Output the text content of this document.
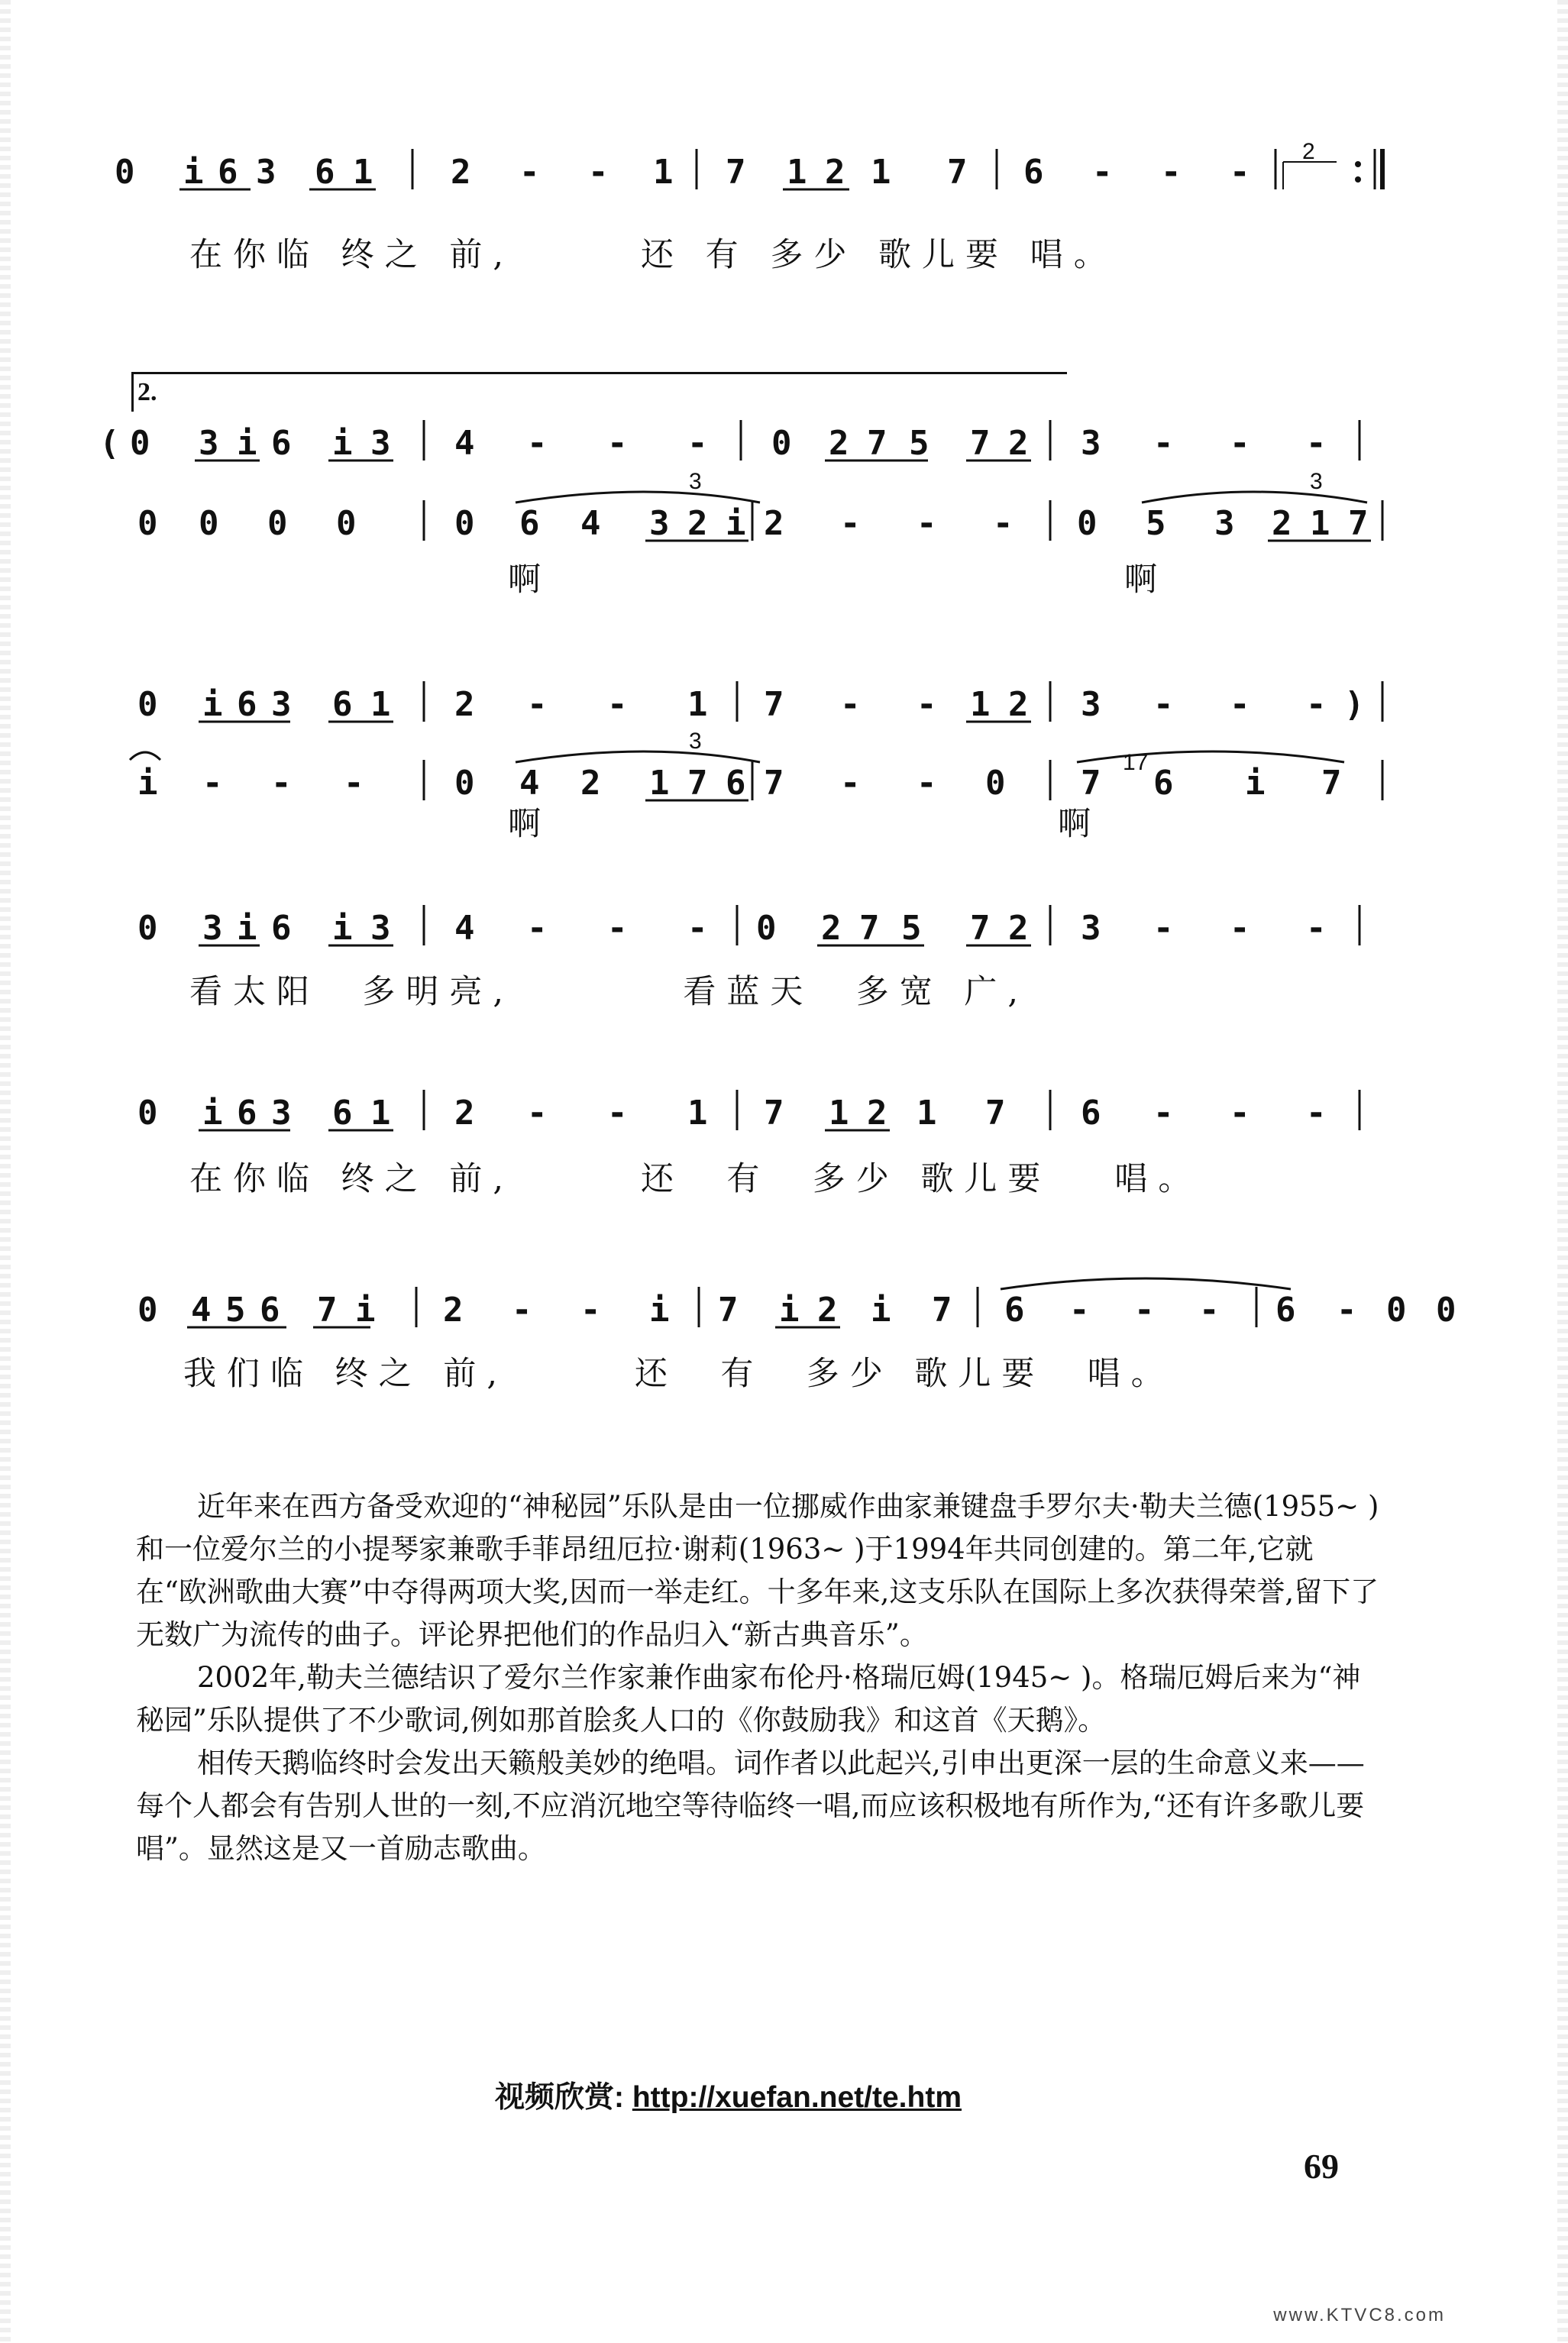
0 i 6 3 6 1 2 - - 1 7 1 2 1 7 6 - - -
2
在你临 终之 前,      还 有 多少 歌儿要 唱。
2.
( 0 3 i 6 i 3 4 - - - 0 2 7 5 7 2 3 - - -
0 0 0 0	0 6 4 3 2 i 2 - - - 0 5 3 2 1 7
3	3
啊	啊
0 i 6 3 6 1 2 - - 1 7 - - 1 2 3 - - - )
i - - -	0 4 2 1 7 6 7 - - 0 7 6 i 7
3
17
啊	啊
0 3 i 6 i 3 4 - - - 0 2 7 5 7 2 3 - - -
看太阳  多明亮,        看蓝天  多宽 广,
0 i 6 3 6 1 2 - - 1 7 1 2 1 7 6 - - -
在你临 终之 前,      还  有  多少 歌儿要   唱。
0 4 5 6 7 i 2 - - i 7 i 2 i 7 6 - - - 6 - 0 0
我们临 终之 前,      还  有  多少 歌儿要  唱。

近年来在西方备受欢迎的“神秘园”乐队是由一位挪威作曲家兼键盘手罗尔夫·勒夫兰德(1955~ )和一位爱尔兰的小提琴家兼歌手菲昂纽厄拉·谢莉(1963~ )于1994年共同创建的。第二年,它就在“欧洲歌曲大赛”中夺得两项大奖,因而一举走红。十多年来,这支乐队在国际上多次获得荣誉,留下了无数广为流传的曲子。评论界把他们的作品归入“新古典音乐”。

2002年,勒夫兰德结识了爱尔兰作家兼作曲家布伦丹·格瑞厄姆(1945~ )。格瑞厄姆后来为“神秘园”乐队提供了不少歌词,例如那首脍炙人口的《你鼓励我》和这首《天鹅》。

相传天鹅临终时会发出天籁般美妙的绝唱。词作者以此起兴,引申出更深一层的生命意义来——每个人都会有告别人世的一刻,不应消沉地空等待临终一唱,而应该积极地有所作为,“还有许多歌儿要唱”。显然这是又一首励志歌曲。

视频欣赏: http://xuefan.net/te.htm
69
www.KTVC8.com
